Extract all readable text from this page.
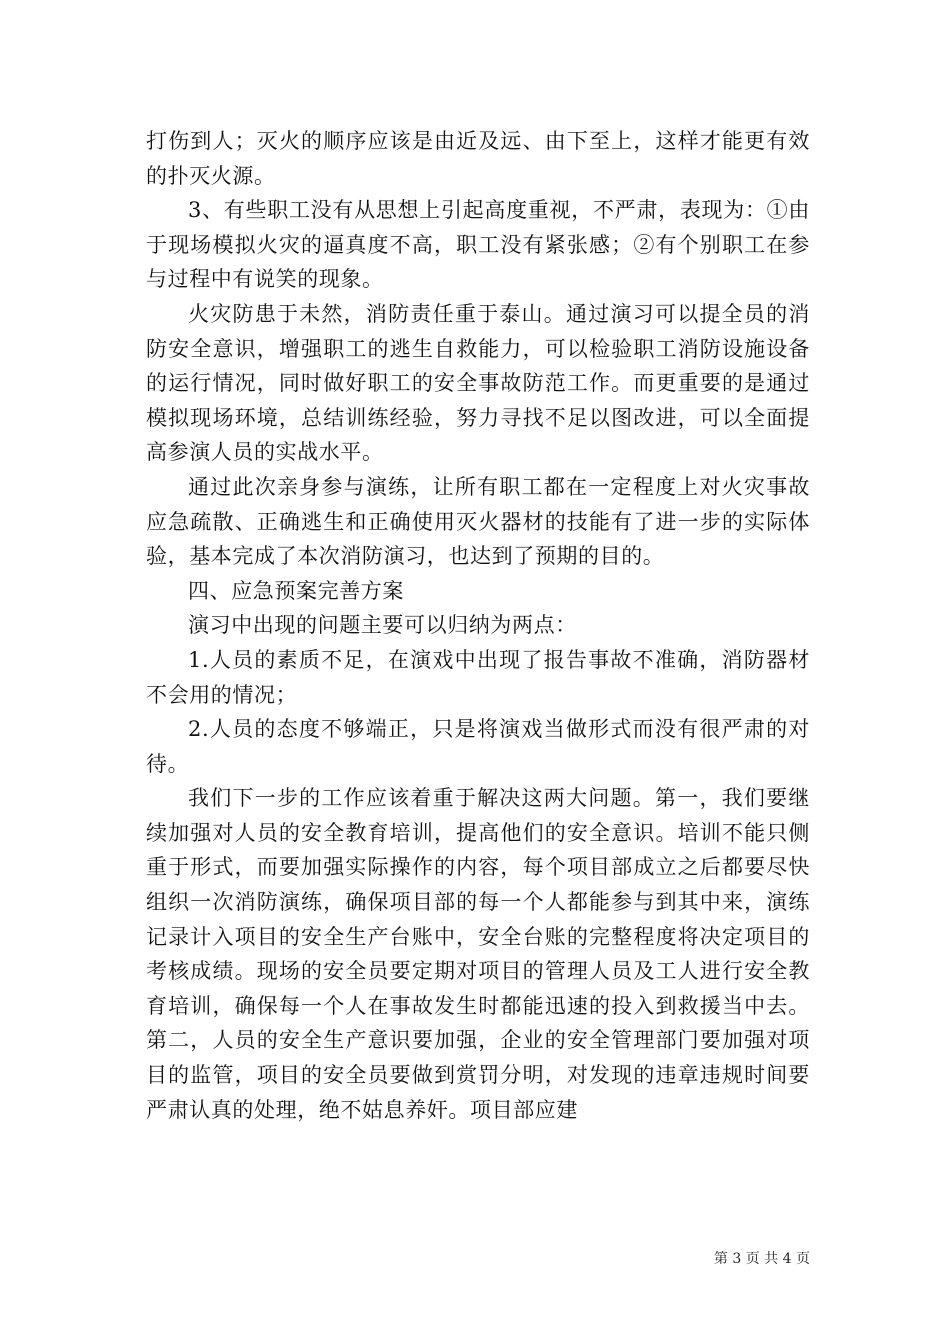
打伤到人；灭火的顺序应该是由近及远、由下至上，这样才能更有效的扑灭火源。

3、有些职工没有从思想上引起高度重视，不严肃，表现为：①由于现场模拟火灾的逼真度不高，职工没有紧张感；②有个别职工在参与过程中有说笑的现象。

火灾防患于未然，消防责任重于泰山。通过演习可以提全员的消防安全意识，增强职工的逃生自救能力，可以检验职工消防设施设备的运行情况，同时做好职工的安全事故防范工作。而更重要的是通过模拟现场环境，总结训练经验，努力寻找不足以图改进，可以全面提高参演人员的实战水平。

通过此次亲身参与演练，让所有职工都在一定程度上对火灾事故应急疏散、正确逃生和正确使用灭火器材的技能有了进一步的实际体验，基本完成了本次消防演习，也达到了预期的目的。

四、应急预案完善方案

演习中出现的问题主要可以归纳为两点：

1.人员的素质不足，在演戏中出现了报告事故不准确，消防器材不会用的情况；

2.人员的态度不够端正，只是将演戏当做形式而没有很严肃的对待。

我们下一步的工作应该着重于解决这两大问题。第一，我们要继续加强对人员的安全教育培训，提高他们的安全意识。培训不能只侧重于形式，而要加强实际操作的内容，每个项目部成立之后都要尽快组织一次消防演练，确保项目部的每一个人都能参与到其中来，演练记录计入项目的安全生产台账中，安全台账的完整程度将决定项目的考核成绩。现场的安全员要定期对项目的管理人员及工人进行安全教育培训，确保每一个人在事故发生时都能迅速的投入到救援当中去。第二，人员的安全生产意识要加强，企业的安全管理部门要加强对项目的监管，项目的安全员要做到赏罚分明，对发现的违章违规时间要严肃认真的处理，绝不姑息养奸。项目部应建

第 3 页 共 4 页
